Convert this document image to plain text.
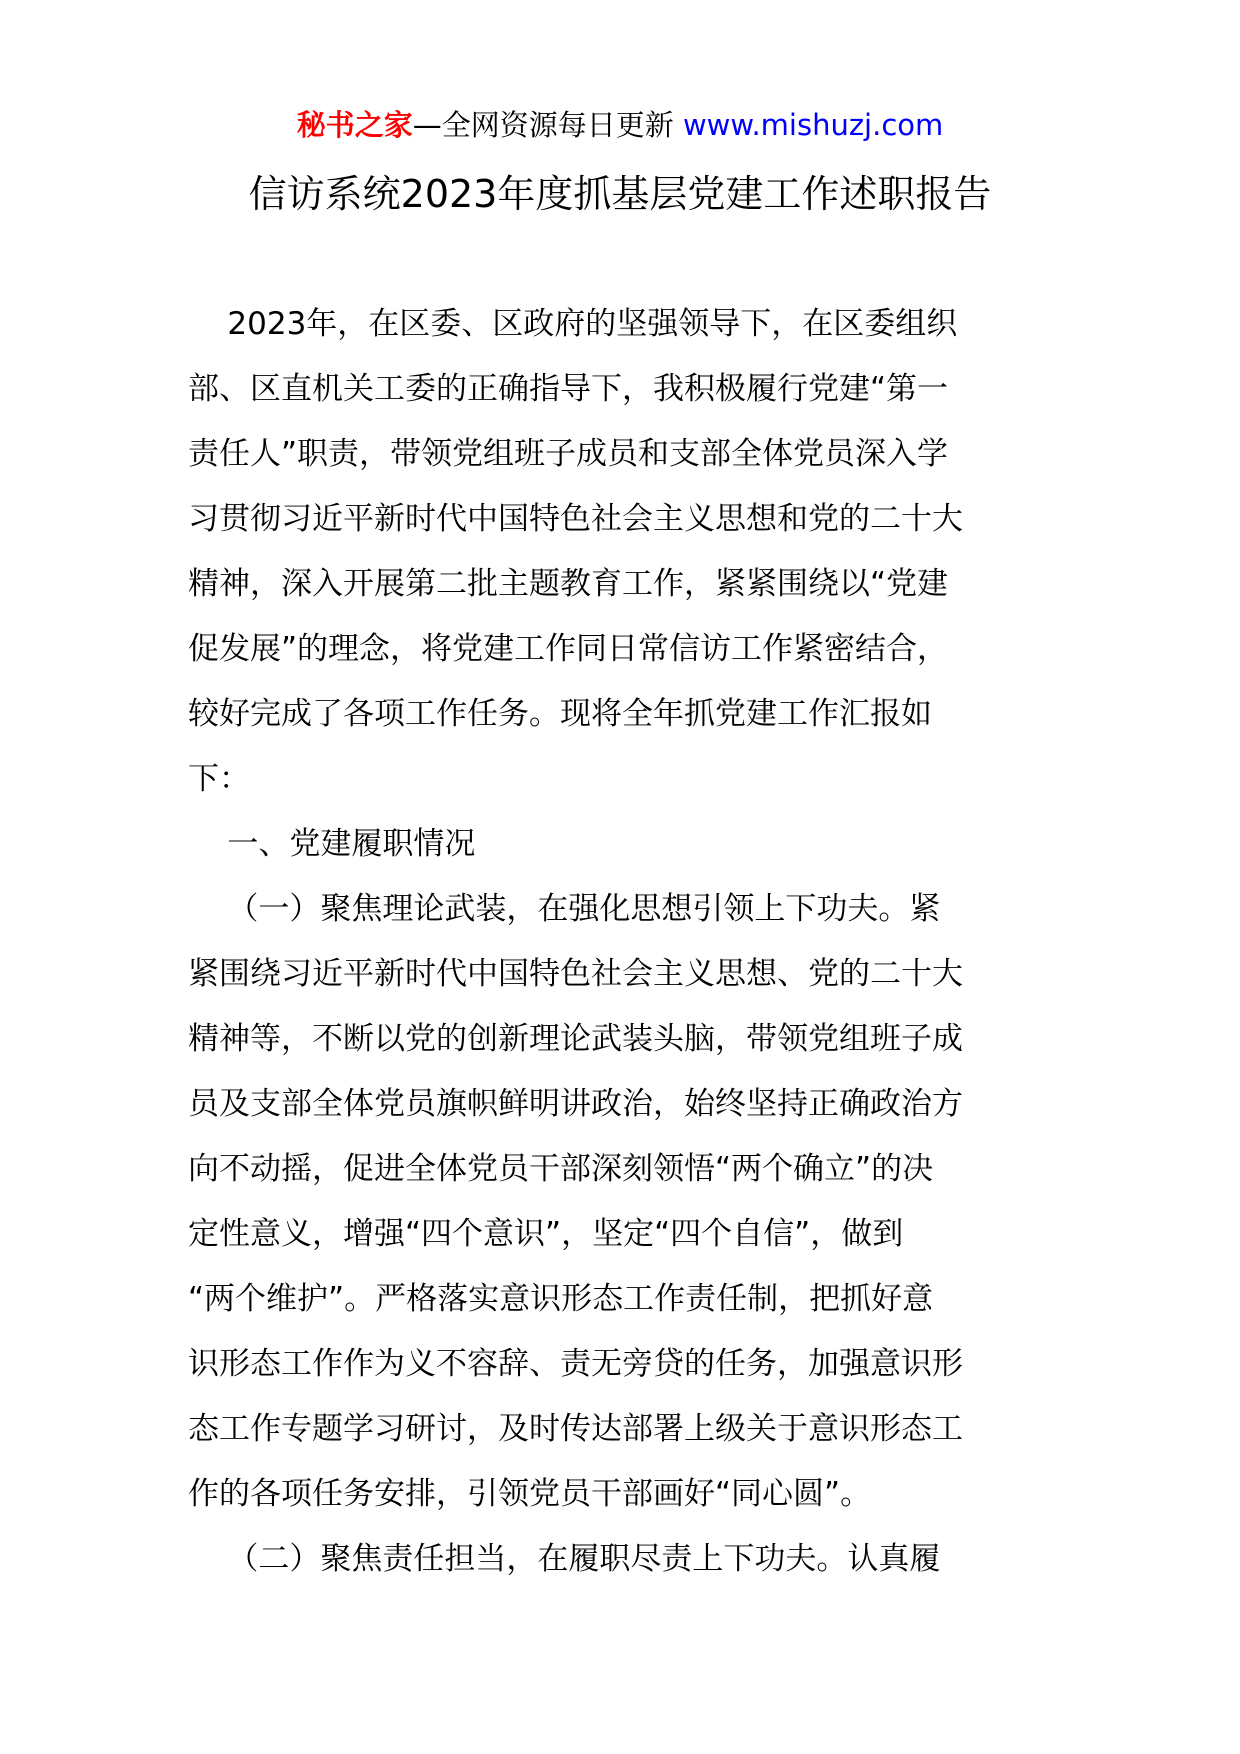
秘书之家—全网资源每日更新 www.mishuzj.com
信访系统2023年度抓基层党建工作述职报告
2023年，在区委、区政府的坚强领导下，在区委组织
部、区直机关工委的正确指导下，我积极履行党建“第一
责任人”职责，带领党组班子成员和支部全体党员深入学
习贯彻习近平新时代中国特色社会主义思想和党的二十大
精神，深入开展第二批主题教育工作，紧紧围绕以“党建
促发展”的理念，将党建工作同日常信访工作紧密结合，
较好完成了各项工作任务。现将全年抓党建工作汇报如
下：
一、党建履职情况
（一）聚焦理论武装，在强化思想引领上下功夫。紧
紧围绕习近平新时代中国特色社会主义思想、党的二十大
精神等，不断以党的创新理论武装头脑，带领党组班子成
员及支部全体党员旗帜鲜明讲政治，始终坚持正确政治方
向不动摇，促进全体党员干部深刻领悟“两个确立”的决
定性意义，增强“四个意识”，坚定“四个自信”，做到
“两个维护”。严格落实意识形态工作责任制，把抓好意
识形态工作作为义不容辞、责无旁贷的任务，加强意识形
态工作专题学习研讨，及时传达部署上级关于意识形态工
作的各项任务安排，引领党员干部画好“同心圆”。
（二）聚焦责任担当，在履职尽责上下功夫。认真履
